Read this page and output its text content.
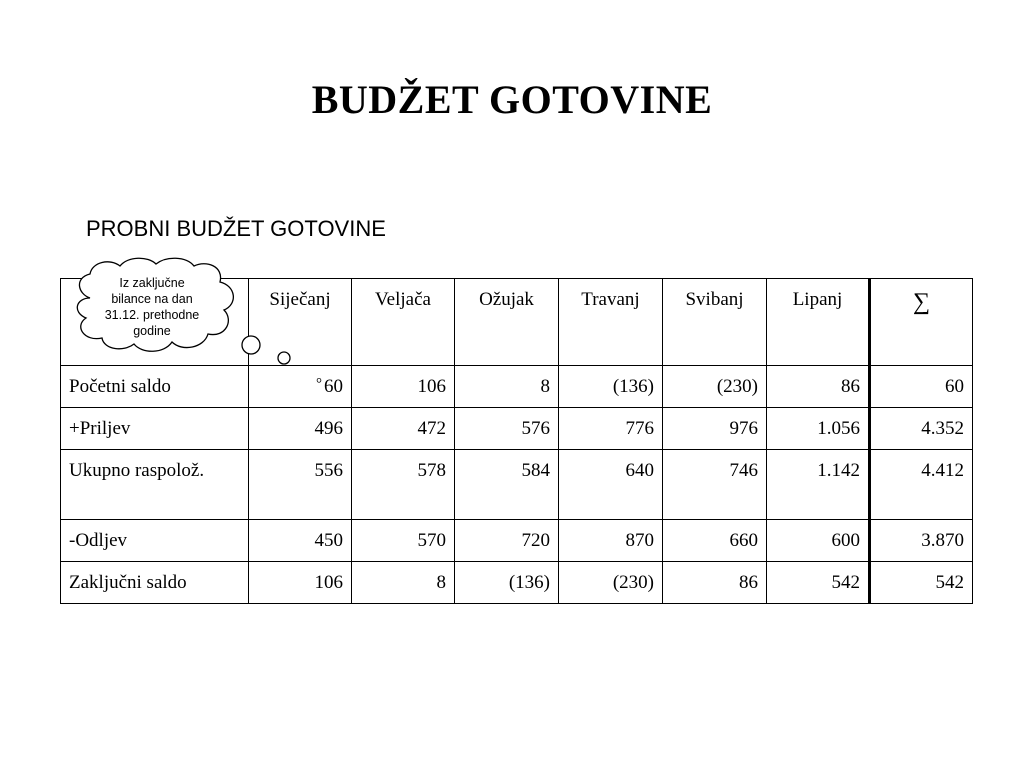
BUDŽET GOTOVINE
PROBNI BUDŽET GOTOVINE
	Siječanj	Veljača	Ožujak	Travanj	Svibanj	Lipanj	∑
Početni saldo	° 60	106	8	(136)	(230)	86	60
+Priljev	496	472	576	776	976	1.056	4.352
Ukupno raspolož.	556	578	584	640	746	1.142	4.412
-Odljev	450	570	720	870	660	600	3.870
Zaključni saldo	106	8	(136)	(230)	86	542	542
Iz zaključne
bilance na dan
31.12. prethodne
godine
